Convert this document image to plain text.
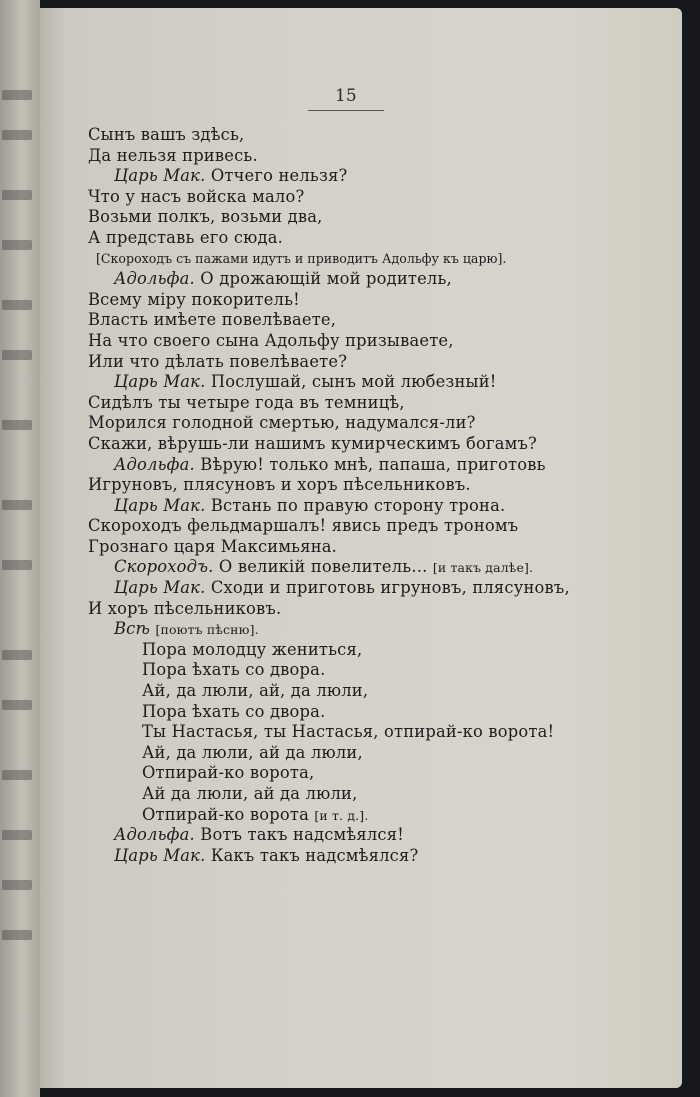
15
Сынъ вашъ здѣсь,
Да нельзя привесь.
Царь Мак. Отчего нельзя?
Что у насъ войска мало?
Возьми полкъ, возьми два,
А представь его сюда.
[Скороходъ съ пажами идутъ и приводитъ Адольфу къ царю].
Адольфа. О дрожающій мой родитель,
Всему міру покоритель!
Власть имѣете повелѣваете,
На что своего сына Адольфу призываете,
Или что дѣлать повелѣваете?
Царь Мак. Послушай, сынъ мой любезный!
Сидѣлъ ты четыре года въ темницѣ,
Морился голодной смертью, надумался-ли?
Скажи, вѣрушь-ли нашимъ кумирческимъ богамъ?
Адольфа. Вѣрую! только мнѣ, папаша, приготовь
Игруновъ, плясуновъ и хоръ пѣсельниковъ.
Царь Мак. Встань по правую сторону трона.
Скороходъ фельдмаршалъ! явись предъ трономъ
Грознаго царя Максимьяна.
Скороходъ. О великій повелитель... [и такъ далѣе].
Царь Мак. Сходи и приготовь игруновъ, плясуновъ,
И хоръ пѣсельниковъ.
Всѣ [поютъ пѣсню].
Пора молодцу жениться,
Пора ѣхать со двора.
Ай, да люли, ай, да люли,
Пора ѣхать со двора.
Ты Настасья, ты Настасья, отпирай-ко ворота!
Ай, да люли, ай да люли,
Отпирай-ко ворота,
Ай да люли, ай да люли,
Отпирай-ко ворота [и т. д.].
Адольфа. Вотъ такъ надсмѣялся!
Царь Мак. Какъ такъ надсмѣялся?
